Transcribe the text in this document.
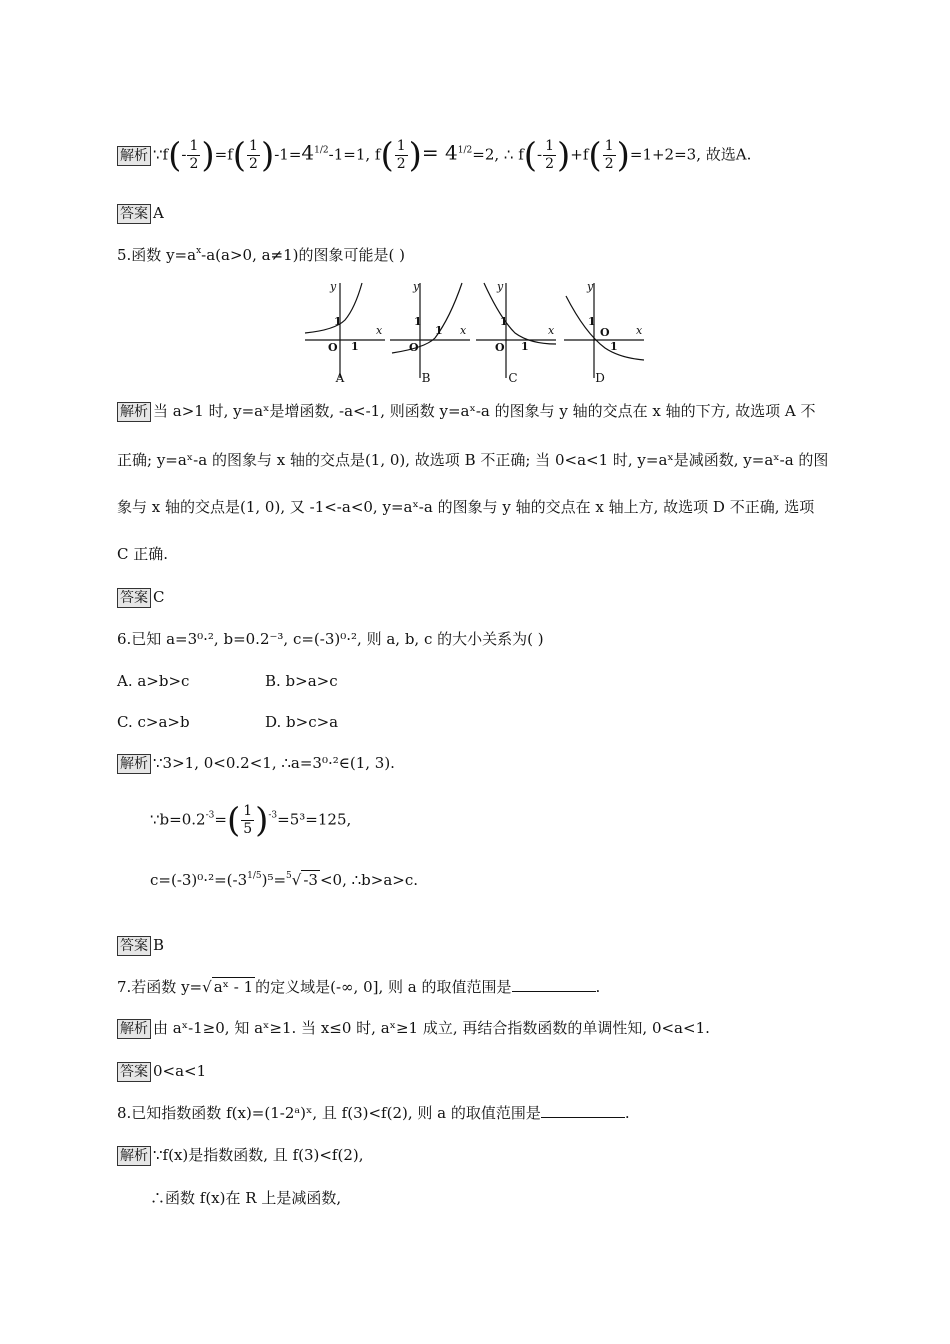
解析 ∵f(- $\frac{1}{2} )=f( \frac{1}{2} )-1=4^{1/2}-1=1$, $f( \frac{1}{2}$ )= $4^{1/2}=2$, ∴ $f(- \frac{1}{2} )+f( \frac{1}{2} )=1+2=3$, 故选A.
答案 A
5.函数 $y=a^x-a(a>0$, a≠1)的图象可能是( )
y
x
y
x
y
x
y
x
O
1
1	O
1
1
O
1
1
O
1
1
A	B	C	D
解析 当 a>1 时, y=aˣ是增函数, -a<-1, 则函数 y=aˣ-a 的图象与 y 轴的交点在 x 轴的下方, 故选项 A 不
正确; y=aˣ-a 的图象与 x 轴的交点是(1, 0), 故选项 B 不正确; 当 0<a<1 时, y=aˣ是减函数, y=aˣ-a 的图
象与 x 轴的交点是(1, 0), 又 -1<-a<0, y=aˣ-a 的图象与 y 轴的交点在 x 轴上方, 故选项 D 不正确, 选项
C 正确.
答案 C
6.已知 a=3⁰·², b=0.2⁻³, c=(-3)⁰·², 则 a, b, c 的大小关系为( )
A. a>b>c	B. b>a>c
C. c>a>b	D. b>c>a
解析 ∵3>1, 0<0.2<1, ∴a=3⁰·²∈(1, 3).
$\because b=0.2^{-3}=( \frac{1}{5} )^{-3}=5^3=125$,
$c=(-3)^0\cdot^2=(-3^{1/5})^5=^5√$ -3 <0, ∴b>a>c.
答案 B
7.若函数 y=√ aˣ - 1 的定义域是(-∞, 0], 则 a 的取值范围是	.
解析 由 aˣ-1≥0, 知 aˣ≥1. 当 x≤0 时, aˣ≥1 成立, 再结合指数函数的单调性知, 0<a<1.
答案 0<a<1
8.已知指数函数 f(x)=(1-2ᵃ)ˣ, 且 f(3)<f(2), 则 a 的取值范围是	.
解析 ∵f(x)是指数函数, 且 f(3)<f(2),
∴函数 f(x)在 R 上是减函数,
